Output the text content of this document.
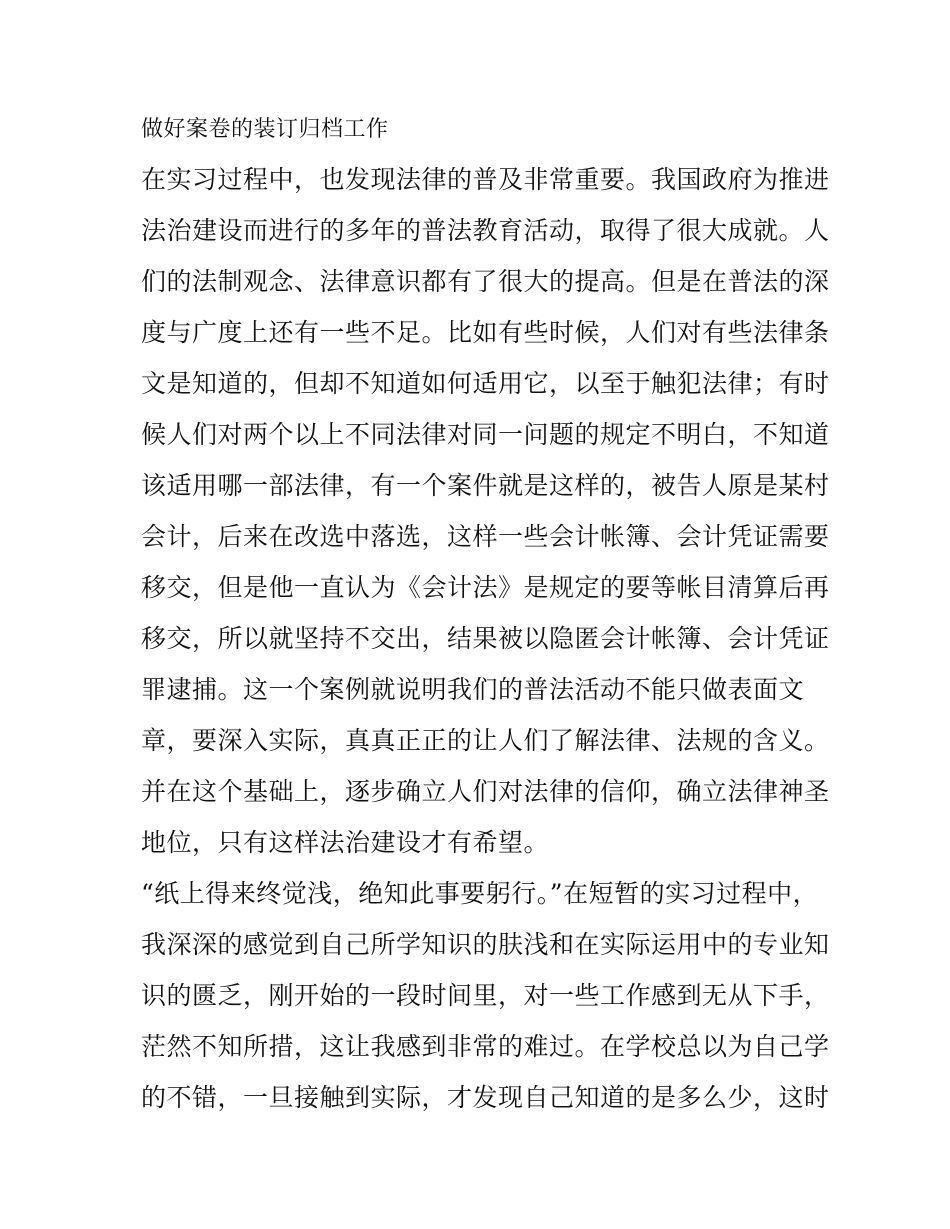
做好案卷的装订归档工作
在实习过程中，也发现法律的普及非常重要。我国政府为推进
法治建设而进行的多年的普法教育活动，取得了很大成就。人
们的法制观念、法律意识都有了很大的提高。但是在普法的深
度与广度上还有一些不足。比如有些时候，人们对有些法律条
文是知道的，但却不知道如何适用它，以至于触犯法律；有时
候人们对两个以上不同法律对同一问题的规定不明白，不知道
该适用哪一部法律，有一个案件就是这样的，被告人原是某村
会计，后来在改选中落选，这样一些会计帐簿、会计凭证需要
移交，但是他一直认为《会计法》是规定的要等帐目清算后再
移交，所以就坚持不交出，结果被以隐匿会计帐簿、会计凭证
罪逮捕。这一个案例就说明我们的普法活动不能只做表面文
章，要深入实际，真真正正的让人们了解法律、法规的含义。
并在这个基础上，逐步确立人们对法律的信仰，确立法律神圣
地位，只有这样法治建设才有希望。
“纸上得来终觉浅，绝知此事要躬行。”在短暂的实习过程中，
我深深的感觉到自己所学知识的肤浅和在实际运用中的专业知
识的匮乏，刚开始的一段时间里，对一些工作感到无从下手，
茫然不知所措，这让我感到非常的难过。在学校总以为自己学
的不错，一旦接触到实际，才发现自己知道的是多么少，这时
